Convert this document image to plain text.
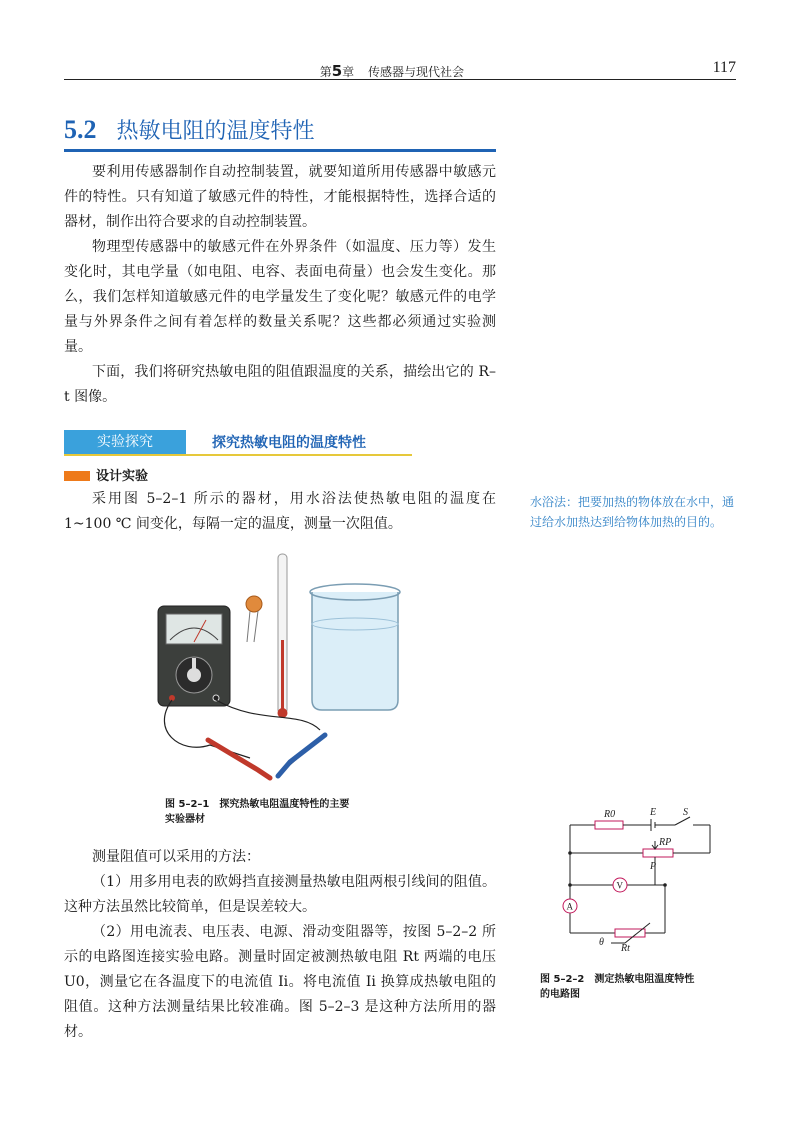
第5章 传感器与现代社会	117
5.2 热敏电阻的温度特性

要利用传感器制作自动控制装置，就要知道所用传感器中敏感元件的特性。只有知道了敏感元件的特性，才能根据特性，选择合适的器材，制作出符合要求的自动控制装置。

物理型传感器中的敏感元件在外界条件（如温度、压力等）发生变化时，其电学量（如电阻、电容、表面电荷量）也会发生变化。那么，我们怎样知道敏感元件的电学量发生了变化呢？敏感元件的电学量与外界条件之间有着怎样的数量关系呢？这些都必须通过实验测量。

下面，我们将研究热敏电阻的阻值跟温度的关系，描绘出它的 R–t 图像。

实验探究	探究热敏电阻的温度特性
设计实验

采用图 5–2–1 所示的器材，用水浴法使热敏电阻的温度在 1~100 ℃ 间变化，每隔一定的温度，测量一次阻值。

水浴法：把要加热的物体放在水中，通过给水加热达到给物体加热的目的。
图 5–2–1　探究热敏电阻温度特性的主要
实验器材

测量阻值可以采用的方法：

（1）用多用电表的欧姆挡直接测量热敏电阻两根引线间的阻值。这种方法虽然比较简单，但是误差较大。

（2）用电流表、电压表、电源、滑动变阻器等，按图 5–2–2 所示的电路图连接实验电路。测量时固定被测热敏电阻 Rt 两端的电压 U0，测量它在各温度下的电流值 Ii。将电流值 Ii 换算成热敏电阻的阻值。这种方法测量结果比较准确。图 5–2–3 是这种方法所用的器材。

R0	E	S
RP
P
V
A
θ
Rt
图 5–2–2　测定热敏电阻温度特性
的电路图
